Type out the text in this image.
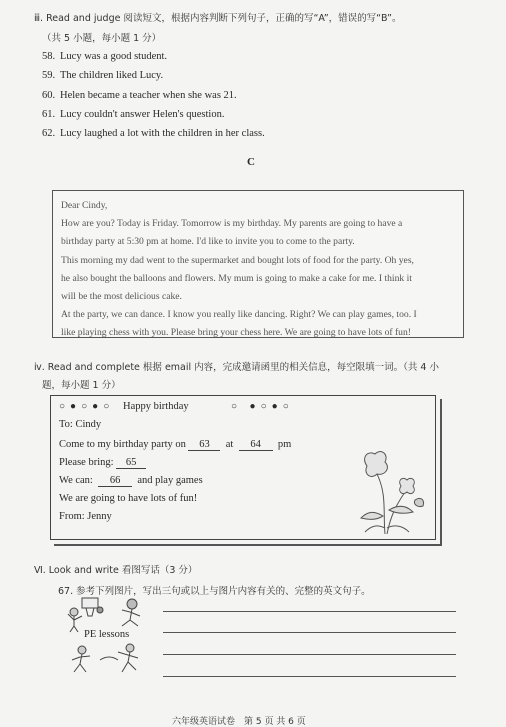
ⅲ. Read and judge 阅读短文，根据内容判断下列句子，正确的写“A”，错误的写“B”。
（共 5 小题，每小题 1 分）
58. Lucy was a good student.
59. The children liked Lucy.
60. Helen became a teacher when she was 21.
61. Lucy couldn't answer Helen's question.
62. Lucy laughed a lot with the children in her class.
C

Dear Cindy,

How are you? Today is Friday. Tomorrow is my birthday. My parents are going to have a

birthday party at 5:30 pm at home. I'd like to invite you to come to the party.

This morning my dad went to the supermarket and bought lots of food for the party. Oh yes,

he also bought the balloons and flowers. My mum is going to make a cake for me. I think it

will be the most delicious cake.

At the party, we can dance. I know you really like dancing. Right? We can play games, too. I

like playing chess with you. Please bring your chess here. We are going to have lots of fun!

ⅳ. Read and complete 根据 email 内容，完成邀请函里的相关信息，每空限填一词。（共 4 小
题，每小题 1 分）
○●○●○ Happy birthday	○ ●○●○
To: Cindy
Come to my birthday party on 63 at 64 pm
Please bring: 65
We can: 66 and play games
We are going to have lots of fun!
From: Jenny
Ⅵ. Look and write 看图写话（3 分）
67. 参考下列图片，写出三句或以上与图片内容有关的、完整的英文句子。
PE lessons
六年级英语试卷　第 5 页 共 6 页
